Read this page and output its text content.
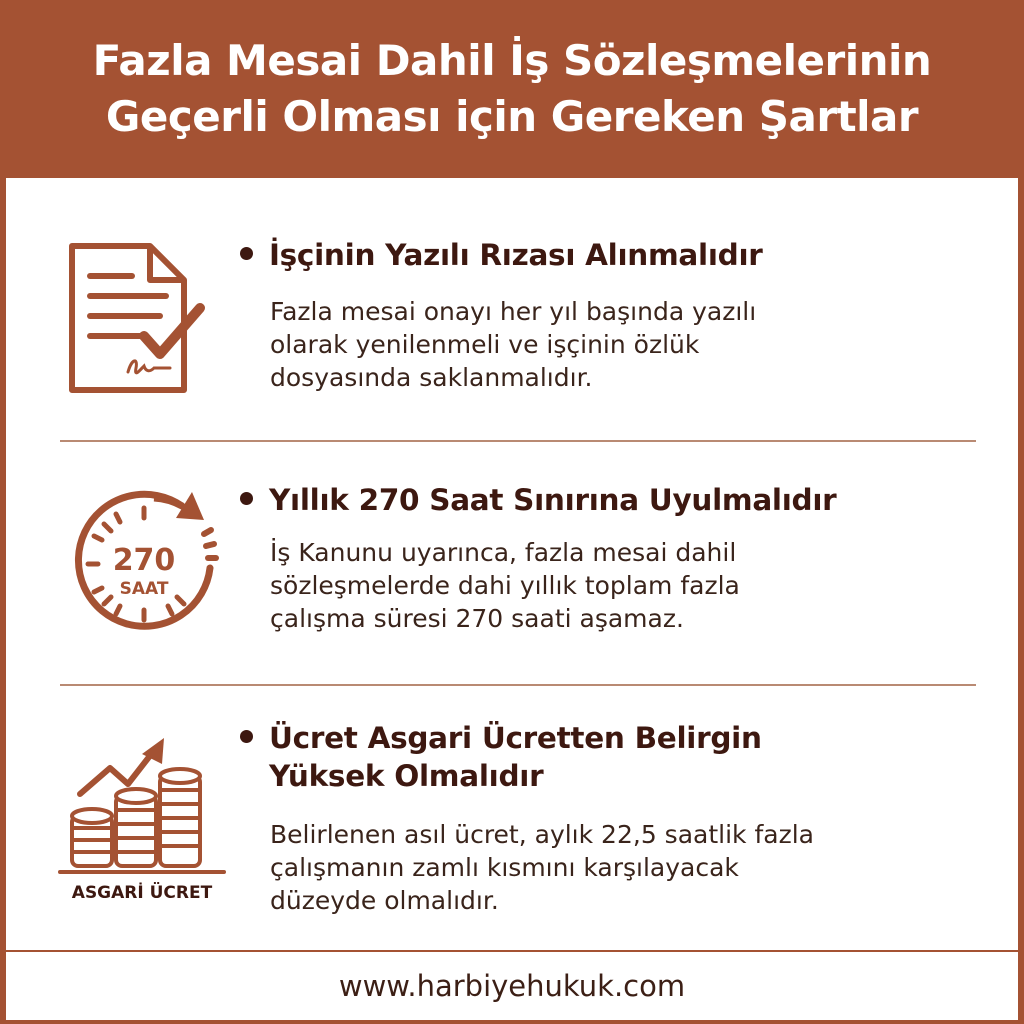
Fazla Mesai Dahil İş Sözleşmelerinin
Geçerli Olması için Gereken Şartlar
İşçinin Yazılı Rızası Alınmalıdır
Fazla mesai onayı her yıl başında yazılı
olarak yenilenmeli ve işçinin özlük
dosyasında saklanmalıdır.
270
SAAT
Yıllık 270 Saat Sınırına Uyulmalıdır
İş Kanunu uyarınca, fazla mesai dahil
sözleşmelerde dahi yıllık toplam fazla
çalışma süresi 270 saati aşamaz.
ASGARİ ÜCRET
Ücret Asgari Ücretten Belirgin
Yüksek Olmalıdır
Belirlenen asıl ücret, aylık 22,5 saatlik fazla
çalışmanın zamlı kısmını karşılayacak
düzeyde olmalıdır.
www.harbiyehukuk.com
